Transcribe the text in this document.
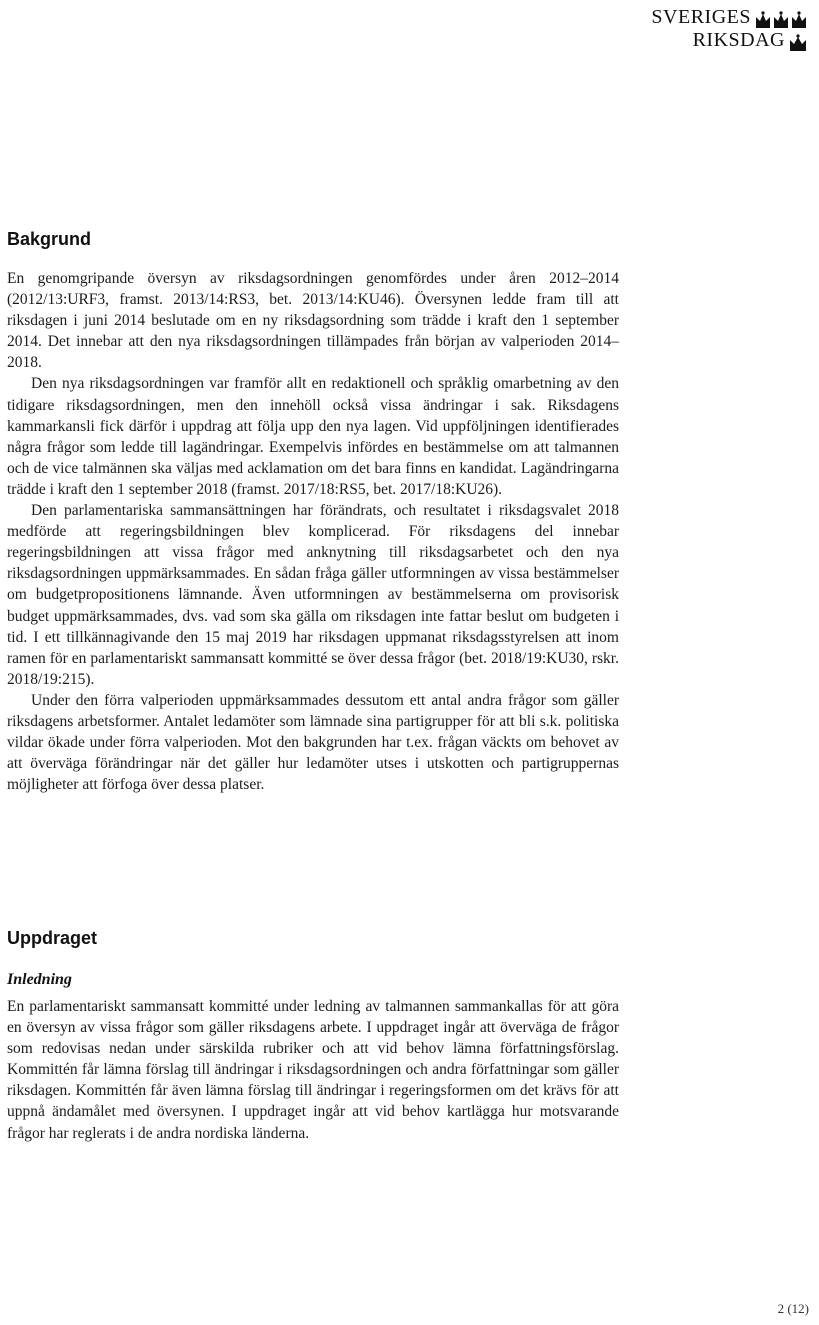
SVERIGES
RIKSDAG
Bakgrund

En genomgripande översyn av riksdagsordningen genomfördes under åren 2012–2014 (2012/13:URF3, framst. 2013/14:RS3, bet. 2013/14:KU46). Översynen ledde fram till att riksdagen i juni 2014 beslutade om en ny riksdagsordning som trädde i kraft den 1 september 2014. Det innebar att den nya riksdagsordningen tillämpades från början av valperioden 2014–2018.

Den nya riksdagsordningen var framför allt en redaktionell och språklig omarbetning av den tidigare riksdagsordningen, men den innehöll också vissa ändringar i sak. Riksdagens kammarkansli fick därför i uppdrag att följa upp den nya lagen. Vid uppföljningen identifierades några frågor som ledde till lagändringar. Exempelvis infördes en bestämmelse om att talmannen och de vice talmännen ska väljas med acklamation om det bara finns en kandidat. Lagändringarna trädde i kraft den 1 september 2018 (framst. 2017/18:RS5, bet. 2017/18:KU26).

Den parlamentariska sammansättningen har förändrats, och resultatet i riksdagsvalet 2018 medförde att regeringsbildningen blev komplicerad. För riksdagens del innebar regeringsbildningen att vissa frågor med anknytning till riksdagsarbetet och den nya riksdagsordningen uppmärksammades. En sådan fråga gäller utformningen av vissa bestämmelser om budgetpropositionens lämnande. Även utformningen av bestämmelserna om provisorisk budget uppmärksammades, dvs. vad som ska gälla om riksdagen inte fattar beslut om budgeten i tid. I ett tillkännagivande den 15 maj 2019 har riksdagen uppmanat riksdagsstyrelsen att inom ramen för en parlamentariskt sammansatt kommitté se över dessa frågor (bet. 2018/19:KU30, rskr. 2018/19:215).

Under den förra valperioden uppmärksammades dessutom ett antal andra frågor som gäller riksdagens arbetsformer. Antalet ledamöter som lämnade sina partigrupper för att bli s.k. politiska vildar ökade under förra valperioden. Mot den bakgrunden har t.ex. frågan väckts om behovet av att överväga förändringar när det gäller hur ledamöter utses i utskotten och partigruppernas möjligheter att förfoga över dessa platser.

Uppdraget
Inledning

En parlamentariskt sammansatt kommitté under ledning av talmannen sammankallas för att göra en översyn av vissa frågor som gäller riksdagens arbete. I uppdraget ingår att överväga de frågor som redovisas nedan under särskilda rubriker och att vid behov lämna författningsförslag. Kommittén får lämna förslag till ändringar i riksdagsordningen och andra författningar som gäller riksdagen. Kommittén får även lämna förslag till ändringar i regeringsformen om det krävs för att uppnå ändamålet med översynen. I uppdraget ingår att vid behov kartlägga hur motsvarande frågor har reglerats i de andra nordiska länderna.

2 (12)
